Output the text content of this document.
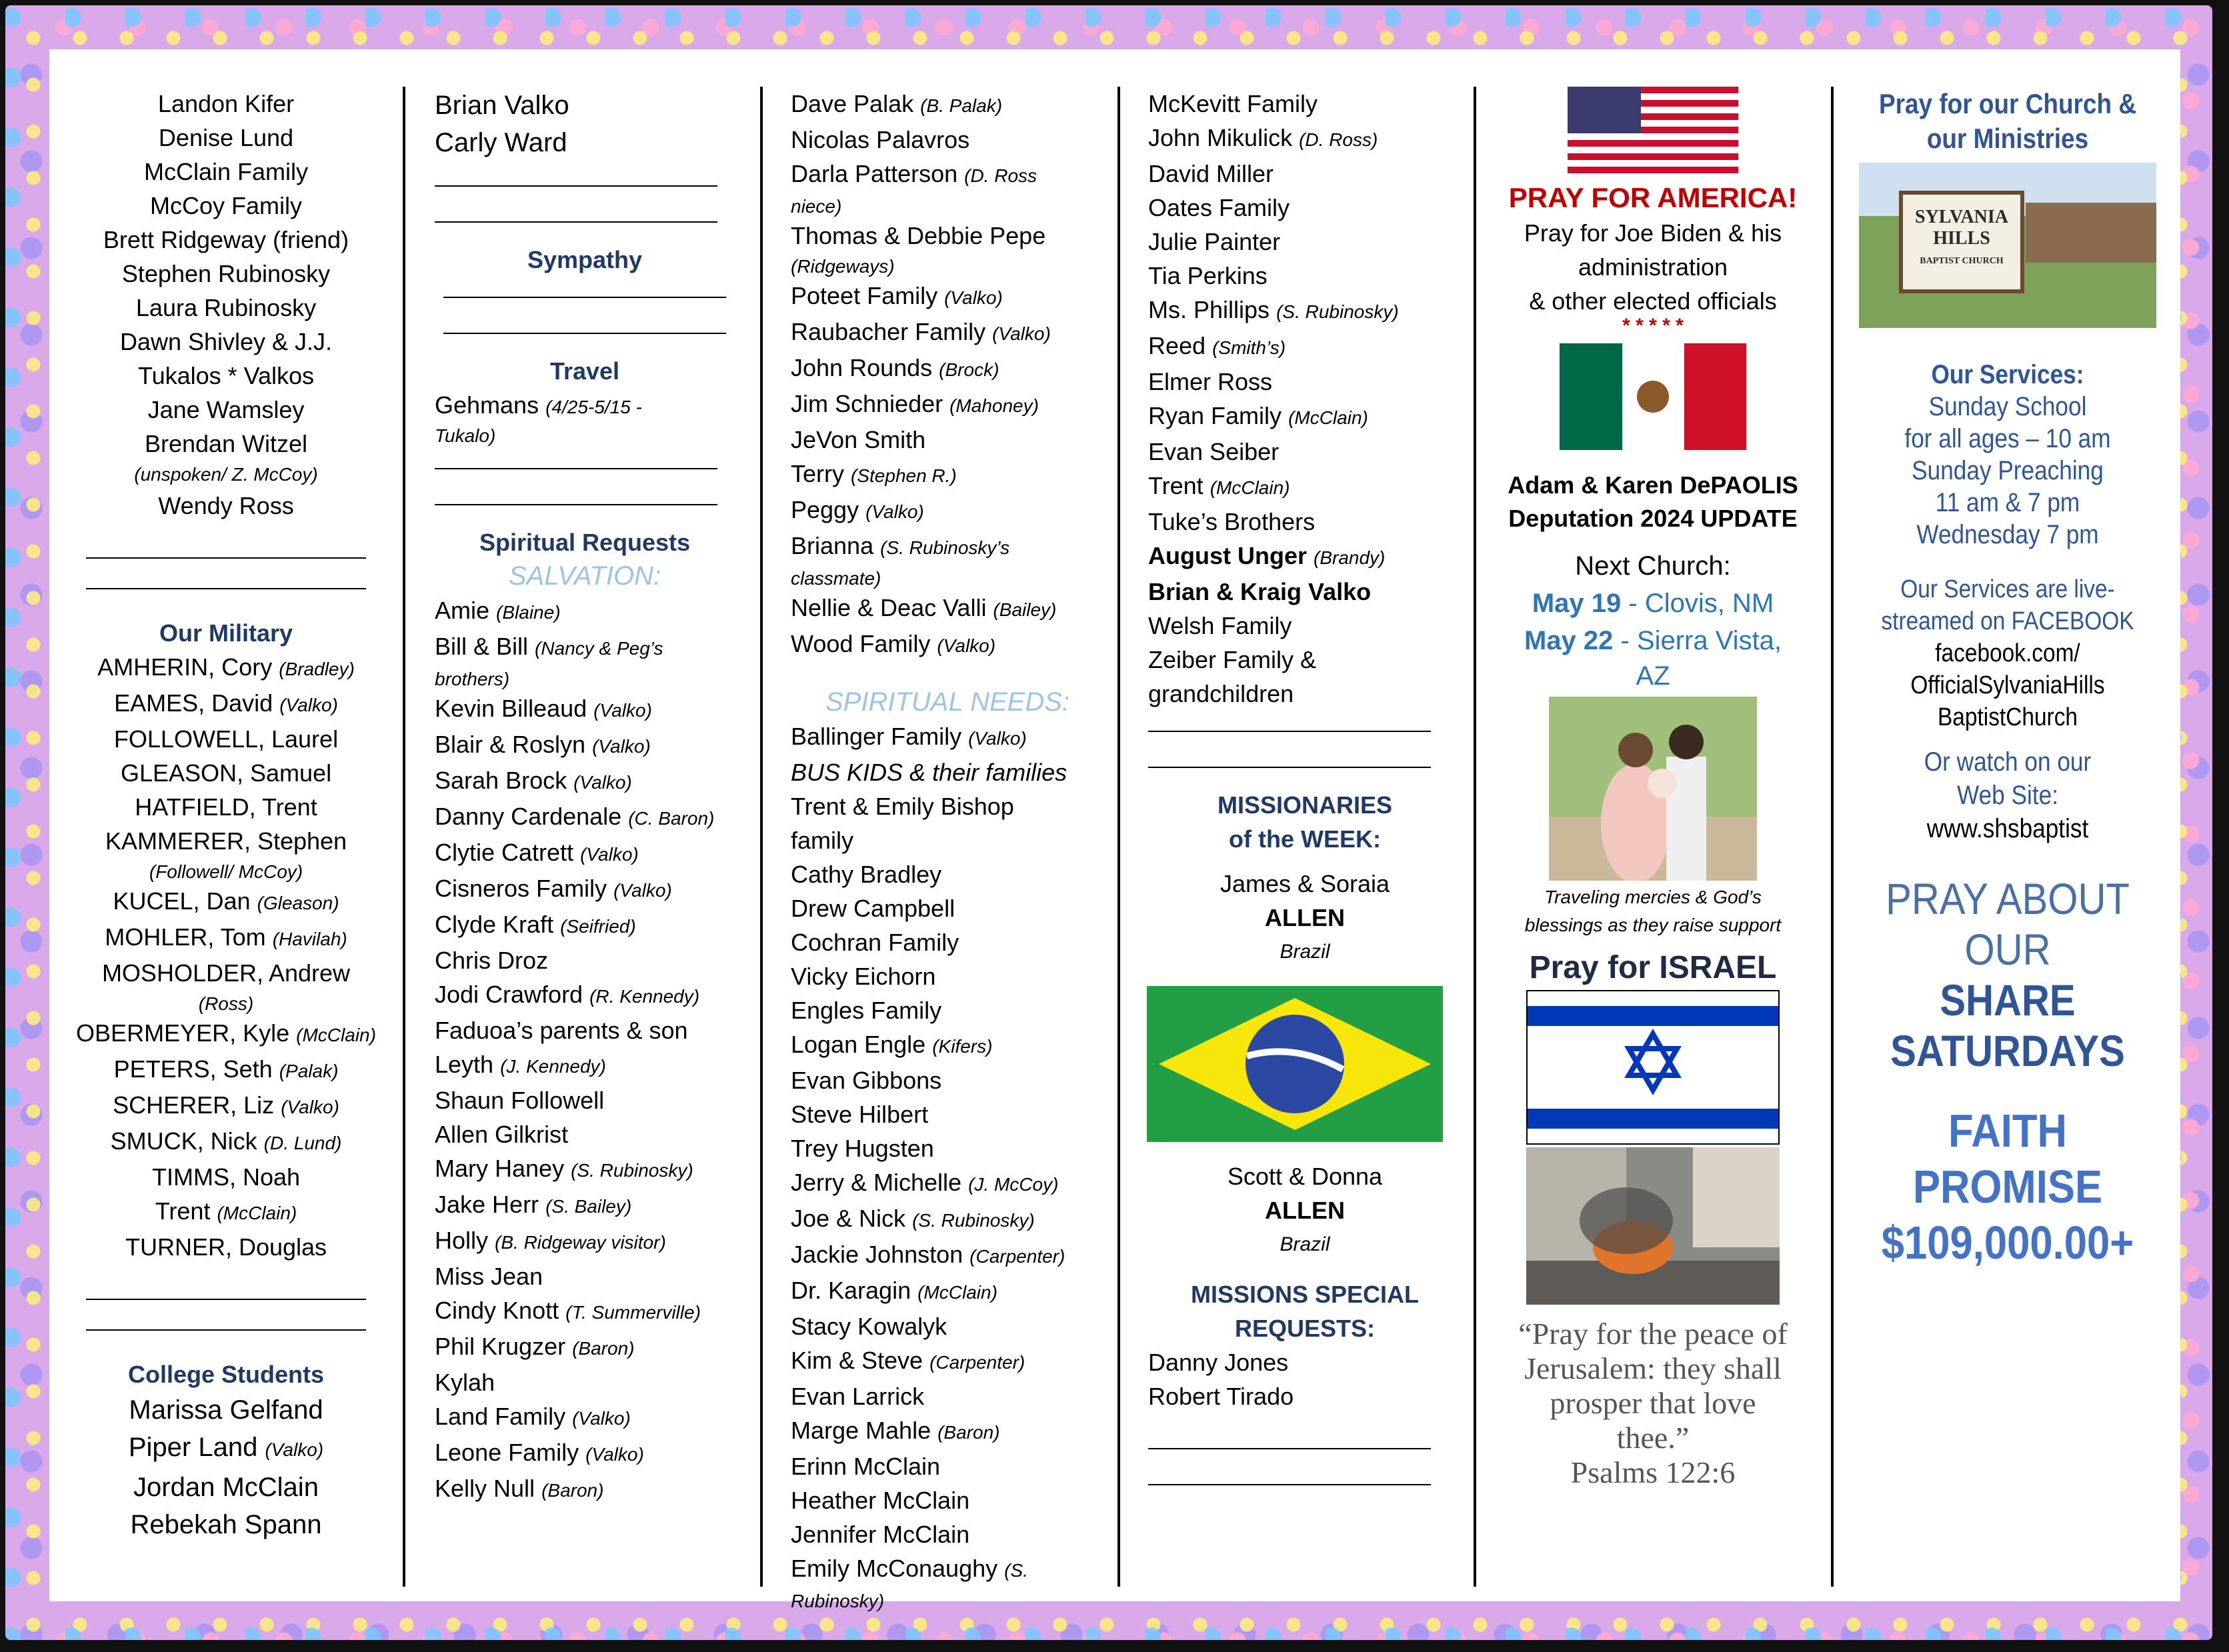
Landon Kifer
Denise Lund
McClain Family
McCoy Family
Brett Ridgeway (friend)
Stephen Rubinosky
Laura Rubinosky
Dawn Shivley & J.J.
Tukalos * Valkos
Jane Wamsley
Brendan Witzel
(unspoken/ Z. McCoy)
Wendy Ross
Our Military
AMHERIN, Cory (Bradley)
EAMES, David (Valko)
FOLLOWELL, Laurel
GLEASON, Samuel
HATFIELD, Trent
KAMMERER, Stephen
(Followell/ McCoy)
KUCEL, Dan (Gleason)
MOHLER, Tom (Havilah)
MOSHOLDER, Andrew
(Ross)
OBERMEYER, Kyle (McClain)
PETERS, Seth (Palak)
SCHERER, Liz (Valko)
SMUCK, Nick (D. Lund)
TIMMS, Noah
Trent (McClain)
TURNER, Douglas
College Students
Marissa Gelfand
Piper Land (Valko)
Jordan McClain
Rebekah Spann
Brian Valko
Carly Ward
Sympathy
Travel
Gehmans (4/25-5/15 -
Tukalo)
Spiritual Requests
SALVATION:
Amie (Blaine)
Bill & Bill (Nancy & Peg’s
brothers)
Kevin Billeaud (Valko)
Blair & Roslyn (Valko)
Sarah Brock (Valko)
Danny Cardenale (C. Baron)
Clytie Catrett (Valko)
Cisneros Family (Valko)
Clyde Kraft (Seifried)
Chris Droz
Jodi Crawford (R. Kennedy)
Faduoa’s parents & son
Leyth (J. Kennedy)
Shaun Followell
Allen Gilkrist
Mary Haney (S. Rubinosky)
Jake Herr (S. Bailey)
Holly (B. Ridgeway visitor)
Miss Jean
Cindy Knott (T. Summerville)
Phil Krugzer (Baron)
Kylah
Land Family (Valko)
Leone Family (Valko)
Kelly Null (Baron)
Dave Palak (B. Palak)
Nicolas Palavros
Darla Patterson (D. Ross
niece)
Thomas & Debbie Pepe
(Ridgeways)
Poteet Family (Valko)
Raubacher Family (Valko)
John Rounds (Brock)
Jim Schnieder (Mahoney)
JeVon Smith
Terry (Stephen R.)
Peggy (Valko)
Brianna (S. Rubinosky’s
classmate)
Nellie & Deac Valli (Bailey)
Wood Family (Valko)
SPIRITUAL NEEDS:
Ballinger Family (Valko)
BUS KIDS & their families
Trent & Emily Bishop
family
Cathy Bradley
Drew Campbell
Cochran Family
Vicky Eichorn
Engles Family
Logan Engle (Kifers)
Evan Gibbons
Steve Hilbert
Trey Hugsten
Jerry & Michelle (J. McCoy)
Joe & Nick (S. Rubinosky)
Jackie Johnston (Carpenter)
Dr. Karagin (McClain)
Stacy Kowalyk
Kim & Steve (Carpenter)
Evan Larrick
Marge Mahle (Baron)
Erinn McClain
Heather McClain
Jennifer McClain
Emily McConaughy (S.
Rubinosky)
McKevitt Family
John Mikulick (D. Ross)
David Miller
Oates Family
Julie Painter
Tia Perkins
Ms. Phillips (S. Rubinosky)
Reed (Smith’s)
Elmer Ross
Ryan Family (McClain)
Evan Seiber
Trent (McClain)
Tuke’s Brothers
August Unger (Brandy)
Brian & Kraig Valko
Welsh Family
Zeiber Family &
grandchildren
MISSIONARIES
of the WEEK:
James & Soraia
ALLEN
Brazil
Scott & Donna
ALLEN
Brazil
MISSIONS SPECIAL
REQUESTS:
Danny Jones
Robert Tirado
PRAY FOR AMERICA!
Pray for Joe Biden & his
administration
& other elected officials
* * * * *
Adam & Karen DePAOLIS
Deputation 2024 UPDATE
Next Church:
May 19 - Clovis, NM
May 22 - Sierra Vista,
AZ
Traveling mercies & God’s
blessings as they raise support
Pray for ISRAEL
“Pray for the peace of
Jerusalem: they shall
prosper that love
thee.”
Psalms 122:6
Pray for our Church &
our Ministries
SYLVANIA
HILLS
BAPTIST CHURCH
Our Services:
Sunday School
for all ages – 10 am
Sunday Preaching
11 am & 7 pm
Wednesday 7 pm
Our Services are live-
streamed on FACEBOOK
facebook.com/
OfficialSylvaniaHills
BaptistChurch
Or watch on our
Web Site:
www.shsbaptist
PRAY ABOUT
OUR
SHARE
SATURDAYS
FAITH
PROMISE
$109,000.00+
